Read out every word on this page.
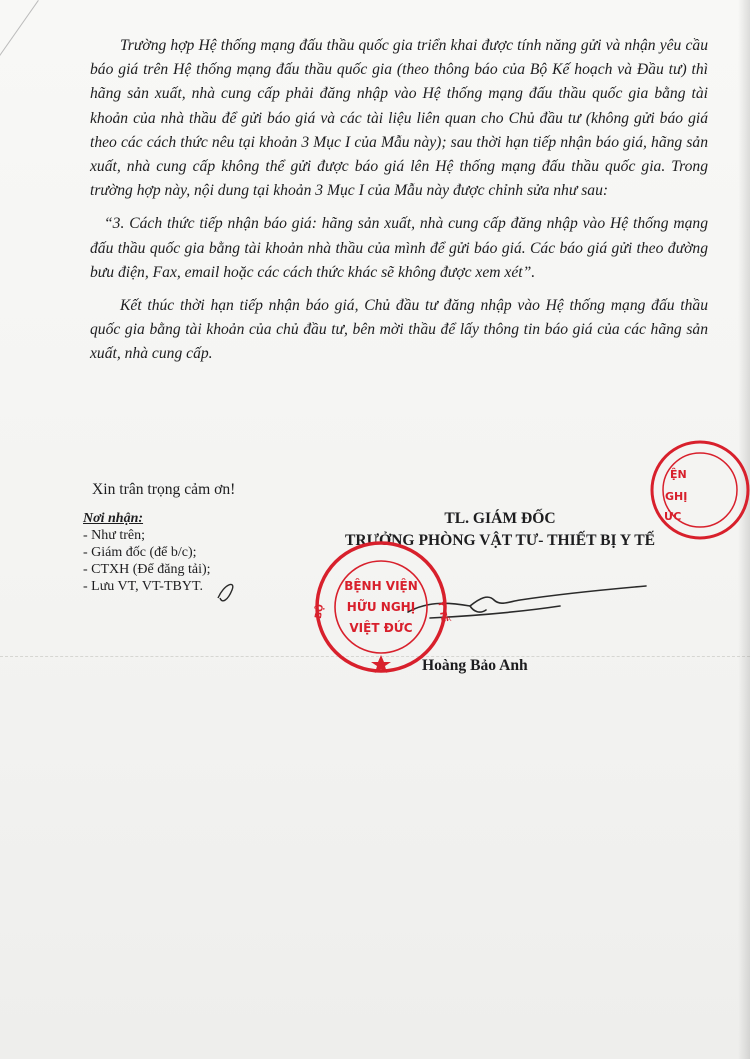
Trường hợp Hệ thống mạng đấu thầu quốc gia triển khai được tính năng gửi và nhận yêu cầu báo giá trên Hệ thống mạng đấu thầu quốc gia (theo thông báo của Bộ Kế hoạch và Đầu tư) thì hãng sản xuất, nhà cung cấp phải đăng nhập vào Hệ thống mạng đấu thầu quốc gia bằng tài khoản của nhà thầu để gửi báo giá và các tài liệu liên quan cho Chủ đầu tư (không gửi báo giá theo các cách thức nêu tại khoản 3 Mục I của Mẫu này); sau thời hạn tiếp nhận báo giá, hãng sản xuất, nhà cung cấp không thể gửi được báo giá lên Hệ thống mạng đấu thầu quốc gia. Trong trường hợp này, nội dung tại khoản 3 Mục I của Mẫu này được chỉnh sửa như sau:

“3. Cách thức tiếp nhận báo giá: hãng sản xuất, nhà cung cấp đăng nhập vào Hệ thống mạng đấu thầu quốc gia bằng tài khoản nhà thầu của mình để gửi báo giá. Các báo giá gửi theo đường bưu điện, Fax, email hoặc các cách thức khác sẽ không được xem xét”.

Kết thúc thời hạn tiếp nhận báo giá, Chủ đầu tư đăng nhập vào Hệ thống mạng đấu thầu quốc gia bằng tài khoản của chủ đầu tư, bên mời thầu để lấy thông tin báo giá của các hãng sản xuất, nhà cung cấp.

Xin trân trọng cảm ơn!
Nơi nhận:
- Như trên;
- Giám đốc (để b/c);
- CTXH (Để đăng tải);
- Lưu VT, VT-TBYT.
TL. GIÁM ĐỐC
TRƯỞNG PHÒNG VẬT TƯ- THIẾT BỊ Y TẾ
Hoàng Bảo Anh
ỆN
GHỊ
ỨC
BỆNH VIỆN
HỮU NGHỊ
VIỆT ĐỨC
BỘ	Y TẾ
